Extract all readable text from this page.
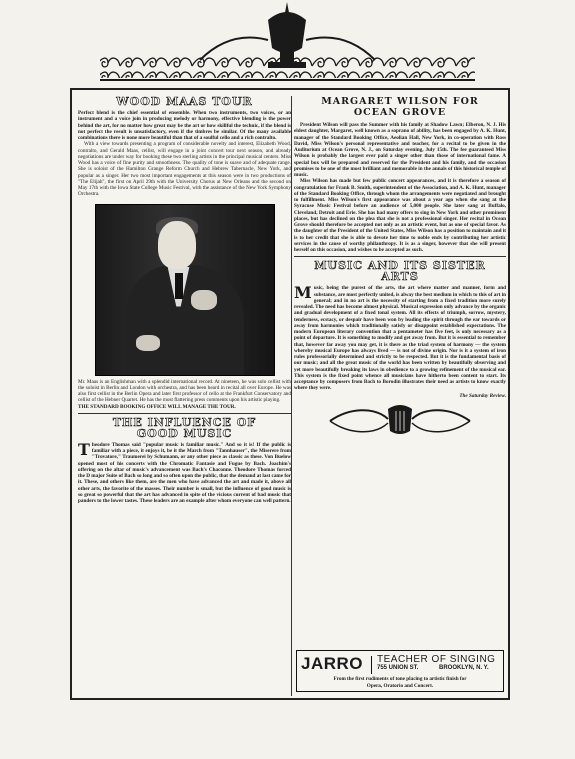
WOOD MAAS TOUR

Perfect blend is the chief essential of ensemble. When two instruments, two voices, or an instrument and a voice join in producing melody or harmony, effective blending is the power behind the art, for no matter how great may be the art or how skillful the technic, if the blend is not perfect the result is unsatisfactory, even if the timbres be similar. Of the many available combinations there is none more beautiful than that of a soulful cello and a rich contralto.

With a view towards presenting a program of considerable novelty and interest, Elizabeth Wood, contralto, and Gerald Maas, cellist, will engage in a joint concert tour next season, and already negotiations are under way for booking these two sterling artists in the principal musical centers. Miss Wood has a voice of fine purity and smoothness. The quality of tone is suave and of adequate range. She is soloist of the Hamilton Grange Reform Church and Hebrew Tabernacle, New York, and popular as a singer. Her two most important engagements at this season were in two productions of "The Elijah", the first on April 29th with the University Chorus at New Orleans and the second on May 17th with the Iowa State College Music Festival, with the assistance of the New York Symphony Orchestra.

Mr. Maas is an Englishman with a splendid international record. At nineteen, he was solo cellist with the soloist in Berlin and London with orchestra, and has been heard in recital all over Europe. He was also first cellist in the Berlin Opera and later first professor of cello at the Frankfurt Conservatory and cellist of the Hebner Quartet. He has the most flattering press comments upon his artistic playing.

THE STANDARD BOOKING OFFICE WILL MANAGE THE TOUR.

THE INFLUENCE OF
GOOD MUSIC

Theodore Thomas said "popular music is familiar music." And so it is! If the public is familiar with a piece, it enjoys it, be it the March from "Tannhauser", the Miserere from "Trovatore," Traumerei by Schumann, or any other piece as classic as these. Von Buelow opened most of his concerts with the Chromatic Fantasie and Fugue by Bach. Joachim's offering on the altar of music's advancement was Bach's Chaconne. Theodore Thomas forced the D major Suite of Bach so long and so often upon the public, that the demand at last came for it. These, and others like them, are the men who have advanced the art and made it, above all other arts, the favorite of the masses. Their number is small, but the influence of good music is so great so powerful that the art has advanced in spite of the vicious current of bad music that panders to the lower tastes. These leaders are an example after whom everyone can well pattern.

MARGARET WILSON FOR
OCEAN GROVE

President Wilson will pass the Summer with his family at Shadow Lawn; Elberon, N. J. His eldest daughter, Margaret, well known as a soprano of ability, has been engaged by A. K. Hunt, manager of the Standard Booking Office, Aeolian Hall, New York, in co-operation with Ross David, Miss Wilson's personal representative and teacher, for a recital to be given in the Auditorium at Ocean Grove, N. J., on Saturday evening, July 15th. The fee guaranteed Miss Wilson is probably the largest ever paid a singer other than those of international fame. A special box will be prepared and reserved for the President and his family, and the occasion promises to be one of the most brilliant and memorable in the annals of this historical temple of music.

Miss Wilson has made but few public concert appearances, and it is therefore a season of congratulation for Frank B. Smith, superintendent of the Association, and A. K. Hunt, manager of the Standard Booking Office, through whom the arrangements were negotiated and brought to fulfillment. Miss Wilson's first appearance was about a year ago when she sang at the Syracuse Music Festival before an audience of 5,000 people. She later sang at Buffalo, Cleveland, Detroit and Erie. She has had many offers to sing in New York and other prominent places, but has declined on the plea that she is not a professional singer. Her recital in Ocean Grove should therefore be accepted not only as an artistic event, but as one of special favor. As the daughter of the President of the United States, Miss Wilson has a position to maintain and it is to her credit that she is able to devote her time to noble ends by contributing her artistic services in the cause of worthy philanthropy. It is as a singer, however that she will present herself on this occasion, and wishes to be accepted as such.

MUSIC AND ITS SISTER ARTS

Music, being the purest of the arts, the art where matter and manner, form and substance, are most perfectly united, is alway the best medium in which to this of art in general; and in no art is the necessity of starting from a fixed tradition more surely revealed. The need has become almost physical. Musical expression only advance by the organic and gradual development of a fixed tonal system. All its effects of triumph, sorrow, mystery, tenderness, ecstacy, or despair have been won by leading the spirit through the ear towards or away from harmonies which traditionally satisfy or disappoint established expectations. The modern European literary convention that a pentameter has five feet, is only necessary as a point of departure. It is something to modify and get away from. But it is essential to remember that, however far away you may get, it is there as the triad system of harmony — the system whereby musical Europe has always lived — is not of divine origin. Nor is it a system of iron rules professorially determined and strictly to be respected. But it is the fundamental basis of our music; and all the great music of the world has been written by beautifully observing and yet more beautifully breaking its laws in obedience to a growing refinement of the musical ear. This system is the fixed point whence all musicians have hitherto been content to start. Its acceptance by composers from Bach to Borodin illustrates their need as artists to know exactly where they were.

The Saturday Review.
JARRO TEACHER OF SINGING
755 UNION ST.	BROOKLYN, N. Y.
From the first rudiments of tone placing to artistic finish for
Opera, Oratorio and Concert.
